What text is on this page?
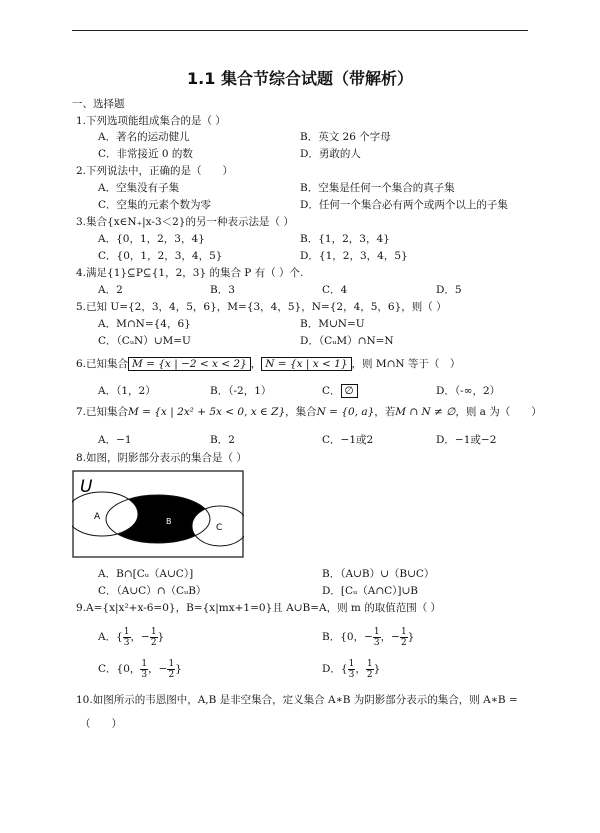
1.1 集合节综合试题（带解析）
一、选择题
1.下列选项能组成集合的是（ ）
A．著名的运动健儿	B．英文 26 个字母
C．非常接近 0 的数	D．勇敢的人
2.下列说法中，正确的是（　　）
A．空集没有子集	B．空集是任何一个集合的真子集
C．空集的元素个数为零	D．任何一个集合必有两个或两个以上的子集
3.集合{x∈N₊|x-3＜2}的另一种表示法是（ ）
A．{0，1，2，3，4}	B．{1，2，3，4}
C．{0，1，2，3，4，5}	D．{1，2，3，4，5}
4.满足{1}⊆P⊆{1，2，3} 的集合 P 有（ ）个.
A．2	B．3	C．4	D．5
5.已知 U={2，3，4，5，6}，M={3，4，5}，N={2，4，5，6}，则（ ）
A．M∩N={4，6}	B．M∪N=U
C．（CᵤN）∪M=U	D．（CᵤM）∩N=N
6.已知集合 M = {x | −2 < x < 2} ， N = {x | x < 1} ，则 M∩N 等于（　）
A．（1，2）	B．（-2，1）	C． ∅	D．（-∞，2）
7.已知集合M = {x | 2x² + 5x < 0, x ∈ Z}，集合N = {0, a}，若M ∩ N ≠ ∅，则 a 为（　　）
A．−1	B．2	C．−1或2	D．−1或−2
8.如图，阴影部分表示的集合是（ ）
U
A	B
C
A．B∩[Cᵤ（A∪C）]	B．（A∪B）∪（B∪C）
C．（A∪C）∩（CᵤB）	D．[Cᵤ（A∩C）]∪B
9.A={x|x²+x-6=0}，B={x|mx+1=0}且 A∪B=A，则 m 的取值范围（ ）
A．{ $\frac{1}{3}$ ，− $\frac{1}{2}$ }	B．{0，− $\frac{1}{3}$ ，− $\frac{1}{2}$ }
C．{0， $\frac{1}{3}$ ，− $\frac{1}{2}$ }	D．{ $\frac{1}{3}$ ， $\frac{1}{2}$ }
10.如图所示的韦恩图中，A,B 是非空集合，定义集合 A∗B 为阴影部分表示的集合，则 A∗B =
（　　）
